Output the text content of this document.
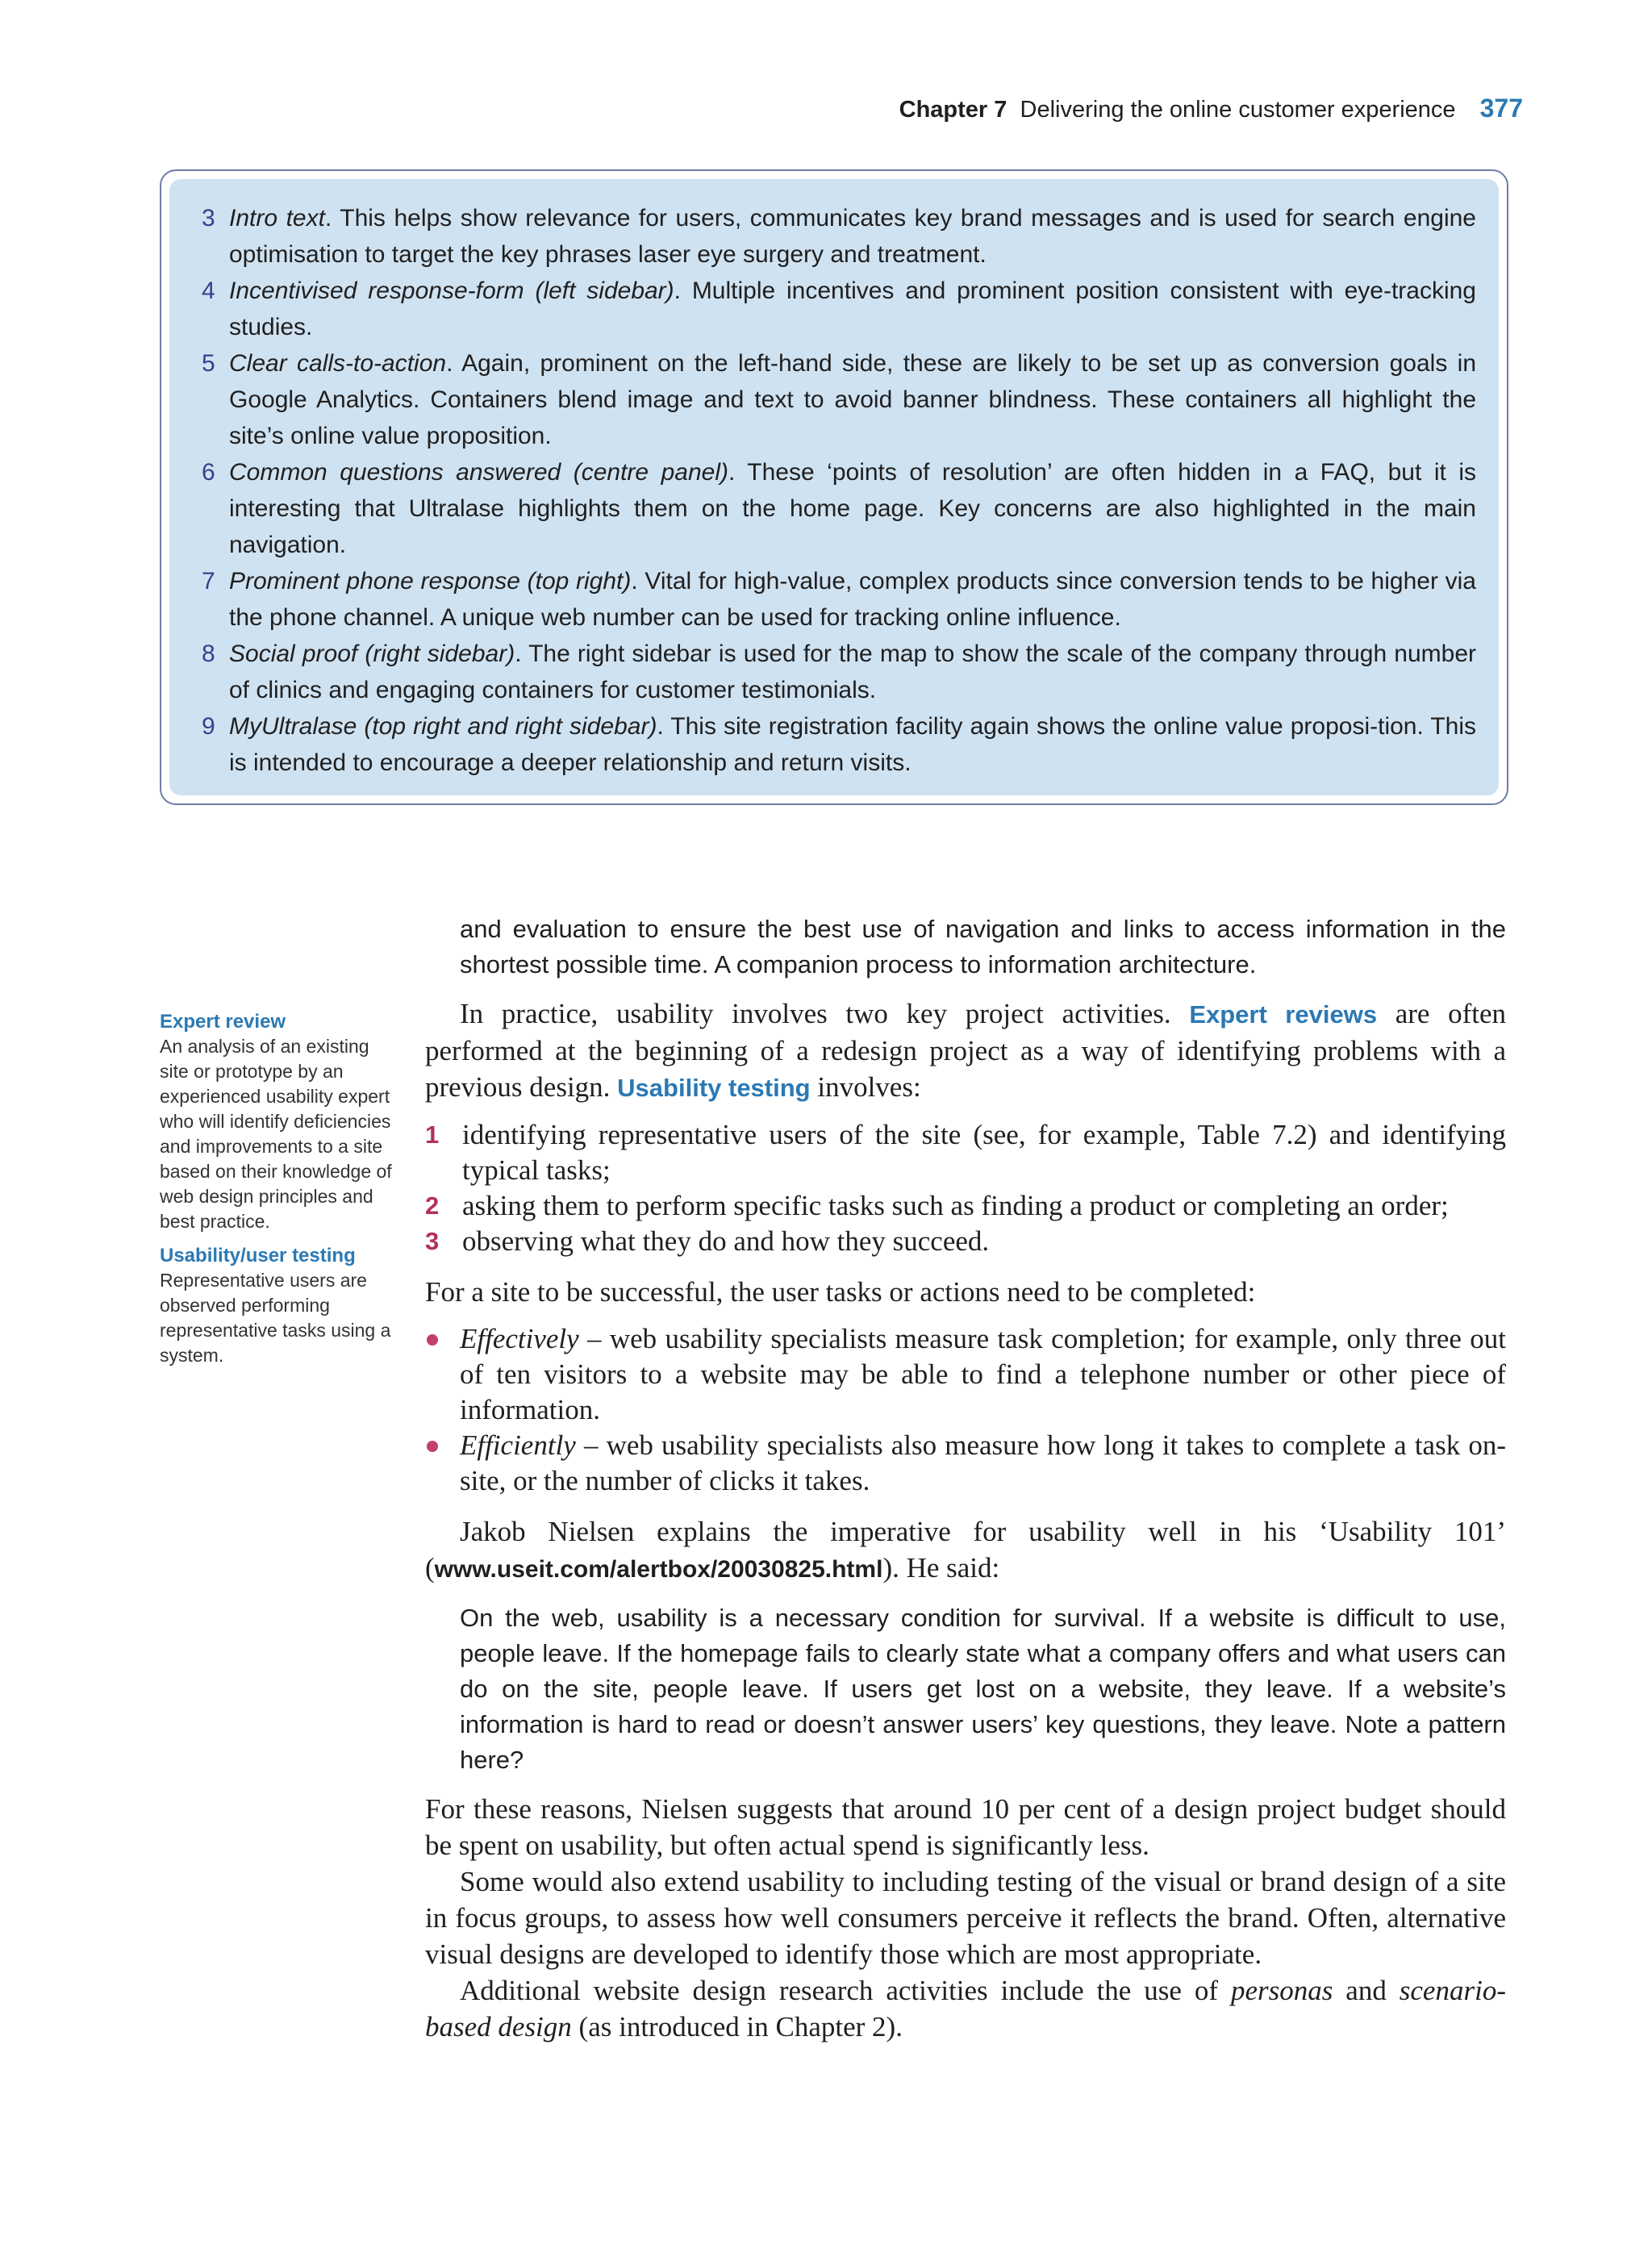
Chapter 7 Delivering the online customer experience 377
3 Intro text. This helps show relevance for users, communicates key brand messages and is used for search engine optimisation to target the key phrases laser eye surgery and treatment.
4 Incentivised response-form (left sidebar). Multiple incentives and prominent position consistent with eye-tracking studies.
5 Clear calls-to-action. Again, prominent on the left-hand side, these are likely to be set up as conversion goals in Google Analytics. Containers blend image and text to avoid banner blindness. These containers all highlight the site’s online value proposition.
6 Common questions answered (centre panel). These ‘points of resolution’ are often hidden in a FAQ, but it is interesting that Ultralase highlights them on the home page. Key concerns are also highlighted in the main navigation.
7 Prominent phone response (top right). Vital for high-value, complex products since conversion tends to be higher via the phone channel. A unique web number can be used for tracking online influence.
8 Social proof (right sidebar). The right sidebar is used for the map to show the scale of the company through number of clinics and engaging containers for customer testimonials.
9 MyUltralase (top right and right sidebar). This site registration facility again shows the online value proposi-tion. This is intended to encourage a deeper relationship and return visits.
Expert review
An analysis of an existing site or prototype by an experienced usability expert who will identify deficiencies and improvements to a site based on their knowledge of web design principles and best practice.
Usability/user testing
Representative users are observed performing representative tasks using a system.

and evaluation to ensure the best use of navigation and links to access information in the shortest possible time. A companion process to information architecture.

In practice, usability involves two key project activities. Expert reviews are often performed at the beginning of a redesign project as a way of identifying problems with a previous design. Usability testing involves:

1 identifying representative users of the site (see, for example, Table 7.2) and identifying typical tasks;
2 asking them to perform specific tasks such as finding a product or completing an order;
3 observing what they do and how they succeed.

For a site to be successful, the user tasks or actions need to be completed:

Effectively – web usability specialists measure task completion; for example, only three out of ten visitors to a website may be able to find a telephone number or other piece of information.
Efficiently – web usability specialists also measure how long it takes to complete a task on-site, or the number of clicks it takes.

Jakob Nielsen explains the imperative for usability well in his ‘Usability 101’ (www.useit.com/alertbox/20030825.html). He said:

On the web, usability is a necessary condition for survival. If a website is difficult to use, people leave. If the homepage fails to clearly state what a company offers and what users can do on the site, people leave. If users get lost on a website, they leave. If a website’s information is hard to read or doesn’t answer users’ key questions, they leave. Note a pattern here?

For these reasons, Nielsen suggests that around 10 per cent of a design project budget should be spent on usability, but often actual spend is significantly less.

Some would also extend usability to including testing of the visual or brand design of a site in focus groups, to assess how well consumers perceive it reflects the brand. Often, alternative visual designs are developed to identify those which are most appropriate.

Additional website design research activities include the use of personas and scenario-based design (as introduced in Chapter 2).
